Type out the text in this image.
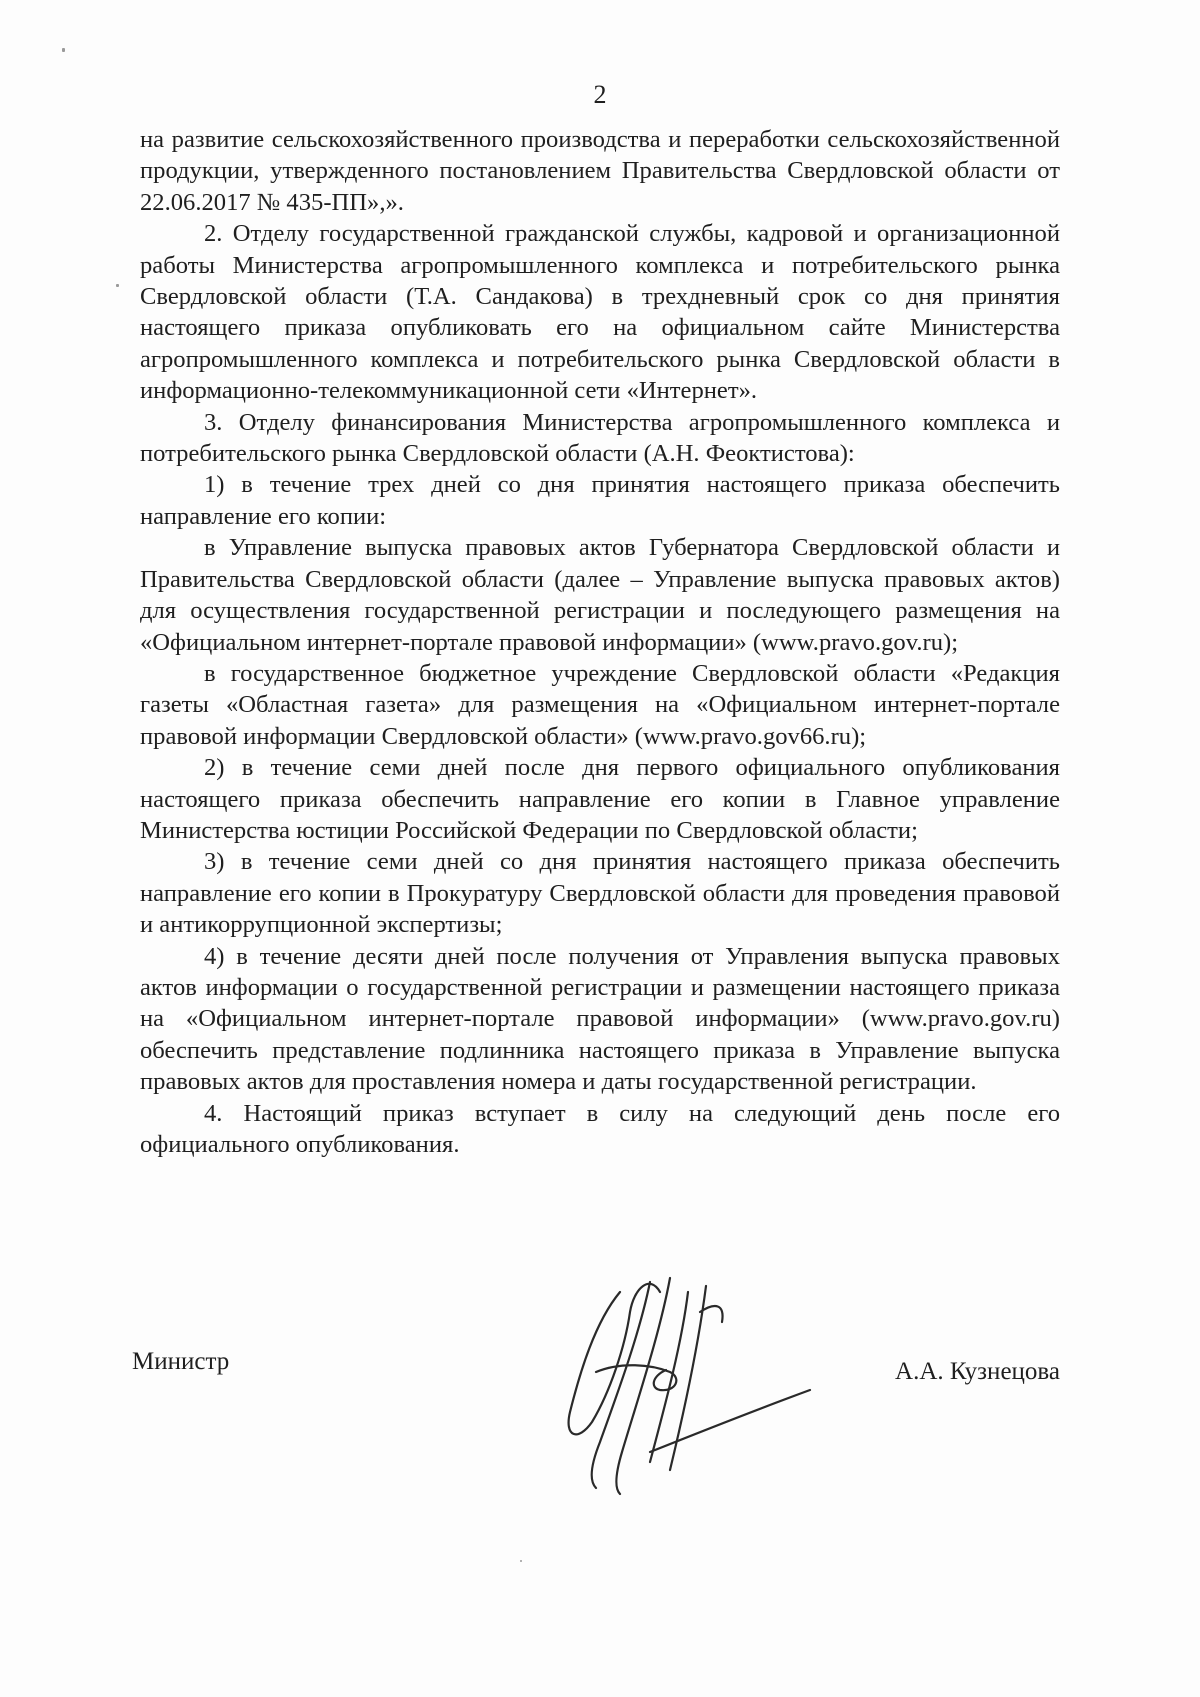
2

на развитие сельскохозяйственного производства и переработки сельскохозяйственной продукции, утвержденного постановлением Правительства Свердловской области от 22.06.2017 № 435-ПП»,».

2. Отделу государственной гражданской службы, кадровой и организационной работы Министерства агропромышленного комплекса и потребительского рынка Свердловской области (Т.А. Сандакова) в трехдневный срок со дня принятия настоящего приказа опубликовать его на официальном сайте Министерства агропромышленного комплекса и потребительского рынка Свердловской области в информационно-телекоммуникационной сети «Интернет».

3. Отделу финансирования Министерства агропромышленного комплекса и потребительского рынка Свердловской области (А.Н. Феоктистова):

1) в течение трех дней со дня принятия настоящего приказа обеспечить направление его копии:

в Управление выпуска правовых актов Губернатора Свердловской области и Правительства Свердловской области (далее – Управление выпуска правовых актов) для осуществления государственной регистрации и последующего размещения на «Официальном интернет-портале правовой информации» (www.pravo.gov.ru);

в государственное бюджетное учреждение Свердловской области «Редакция газеты «Областная газета» для размещения на «Официальном интернет-портале правовой информации Свердловской области» (www.pravo.gov66.ru);

2) в течение семи дней после дня первого официального опубликования настоящего приказа обеспечить направление его копии в Главное управление Министерства юстиции Российской Федерации по Свердловской области;

3) в течение семи дней со дня принятия настоящего приказа обеспечить направление его копии в Прокуратуру Свердловской области для проведения правовой и антикоррупционной экспертизы;

4) в течение десяти дней после получения от Управления выпуска правовых актов информации о государственной регистрации и размещении настоящего приказа на «Официальном интернет-портале правовой информации» (www.pravo.gov.ru) обеспечить представление подлинника настоящего приказа в Управление выпуска правовых актов для проставления номера и даты государственной регистрации.

4. Настоящий приказ вступает в силу на следующий день после его официального опубликования.

Министр	А.А. Кузнецова
